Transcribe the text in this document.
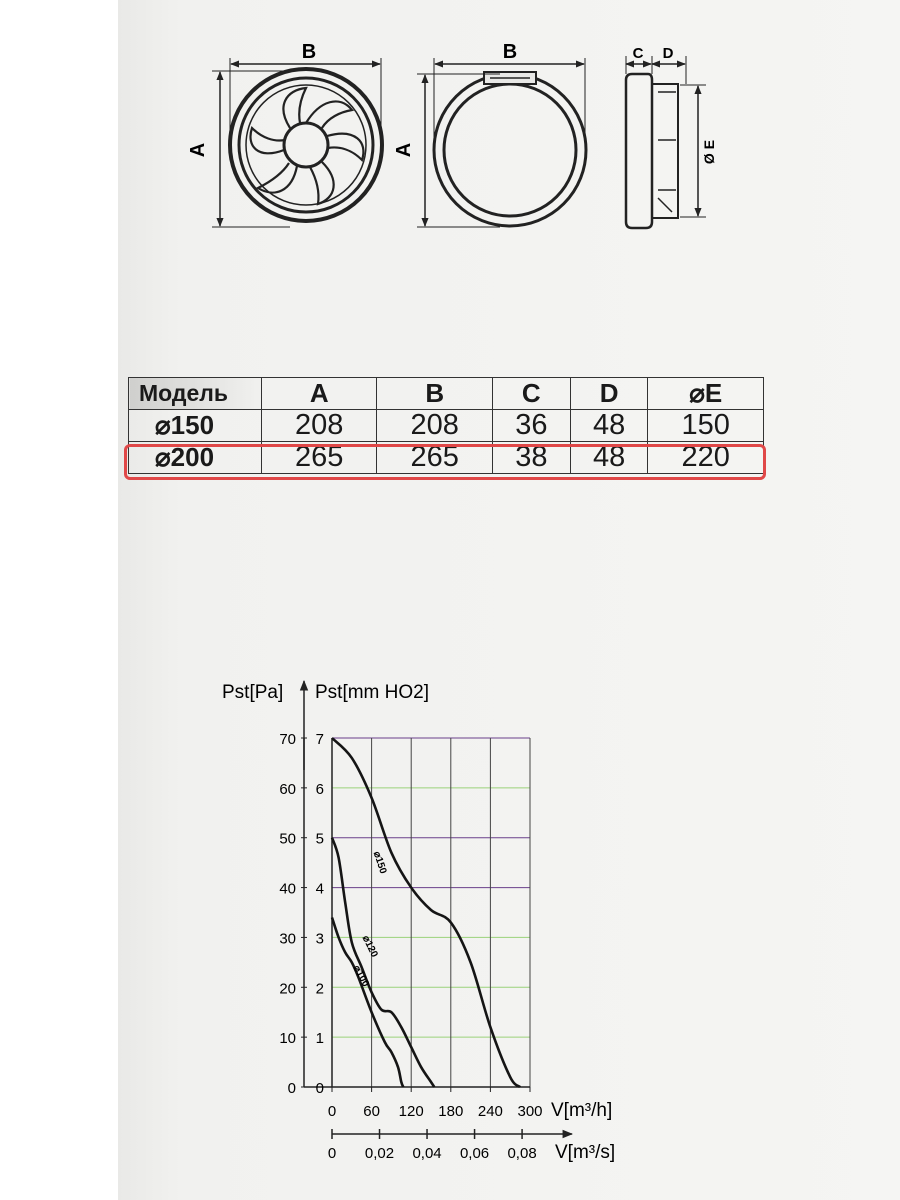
B
A
B
A
C D
Ø E
Модель	A	B	C	D	⌀E
⌀150	208	208	36	48	150
⌀200	265	265	38	48	220
0
10
20
30
40
50
60
70
0
1
2
3
4
5
6
7
0 60 120 180 240 300
0 0,02 0,04 0,06 0,08
⌀150
⌀120
⌀100
Pst[Pa] Pst[mm HO2]
V[m³/h]
V[m³/s]
